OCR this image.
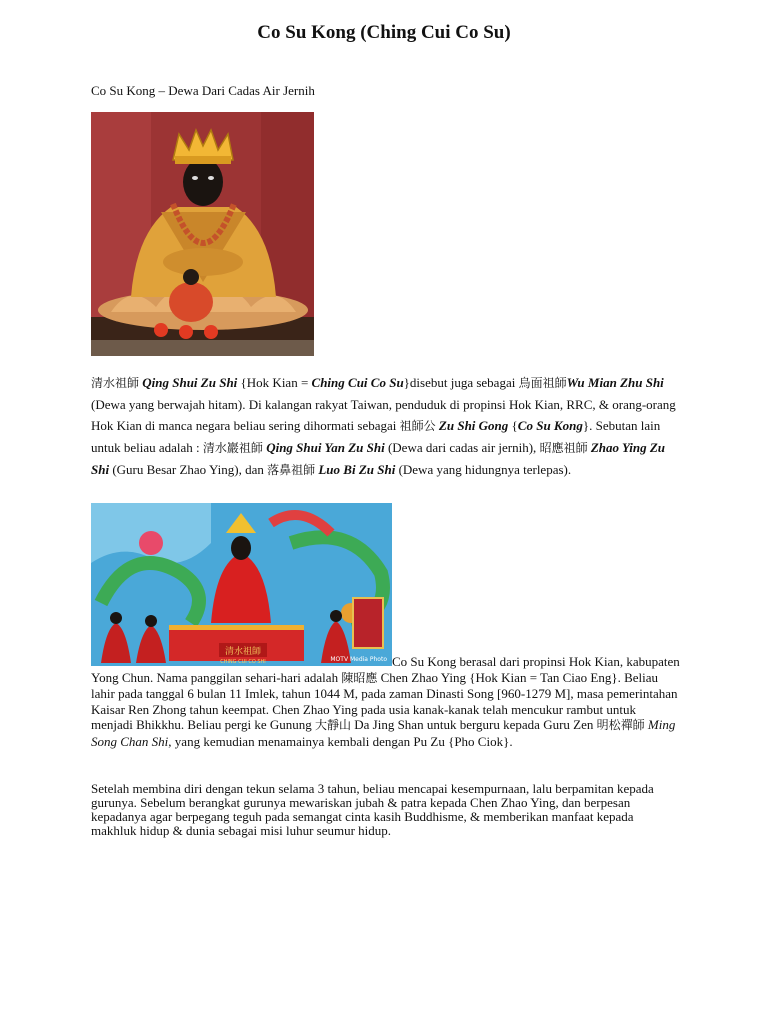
Co Su Kong (Ching Cui Co Su)
Co Su Kong – Dewa Dari Cadas Air Jernih
清水祖師 Qing Shui Zu Shi {Hok Kian = Ching Cui Co Su}disebut juga sebagai 烏面祖師Wu Mian Zhu Shi (Dewa yang berwajah hitam). Di kalangan rakyat Taiwan, penduduk di propinsi Hok Kian, RRC, & orang-orang Hok Kian di manca negara beliau sering dihormati sebagai 祖師公 Zu Shi Gong {Co Su Kong}. Sebutan lain untuk beliau adalah : 清水巖祖師 Qing Shui Yan Zu Shi (Dewa dari cadas air jernih), 昭應祖師 Zhao Ying Zu Shi (Guru Besar Zhao Ying), dan 落鼻祖師 Luo Bi Zu Shi (Dewa yang hidungnya terlepas).
清水祖師
CHING CUI CO SHI	MOTV Media Photo Co Su Kong berasal dari propinsi Hok Kian, kabupaten Yong Chun. Nama panggilan sehari-hari adalah 陳昭應 Chen Zhao Ying {Hok Kian = Tan Ciao Eng}. Beliau lahir pada tanggal 6 bulan 11 Imlek, tahun 1044 M, pada zaman Dinasti Song [960-1279 M], masa pemerintahan Kaisar Ren Zhong tahun keempat. Chen Zhao Ying pada usia kanak-kanak telah mencukur rambut untuk menjadi Bhikkhu. Beliau pergi ke Gunung 大靜山 Da Jing Shan untuk berguru kepada Guru Zen 明松禪師 Ming Song Chan Shi, yang kemudian menamainya kembali dengan Pu Zu {Pho Ciok}.
Setelah membina diri dengan tekun selama 3 tahun, beliau mencapai kesempurnaan, lalu berpamitan kepada gurunya. Sebelum berangkat gurunya mewariskan jubah & patra kepada Chen Zhao Ying, dan berpesan kepadanya agar berpegang teguh pada semangat cinta kasih Buddhisme, & memberikan manfaat kepada makhluk hidup & dunia sebagai misi luhur seumur hidup.
